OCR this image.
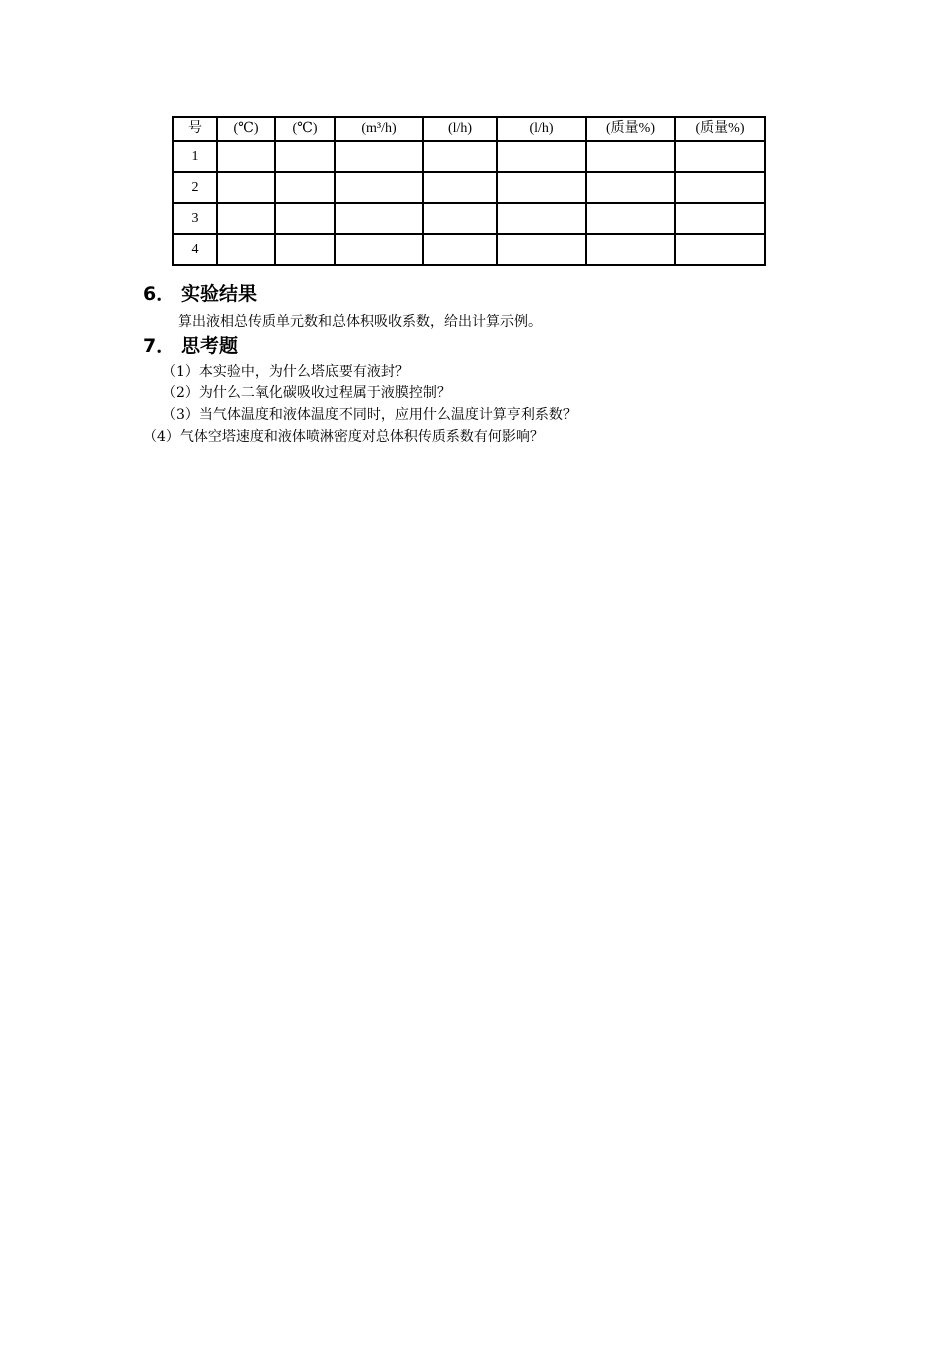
号	(℃)	(℃)	(m³/h)	(l/h)	(l/h)	(质量%)	(质量%)
1							
2							
3							
4							
6． 实验结果

算出液相总传质单元数和总体积吸收系数，给出计算示例。

7． 思考题

（1）本实验中，为什么塔底要有液封？

（2）为什么二氧化碳吸收过程属于液膜控制？

（3）当气体温度和液体温度不同时，应用什么温度计算亨利系数？

（4）气体空塔速度和液体喷淋密度对总体积传质系数有何影响？
